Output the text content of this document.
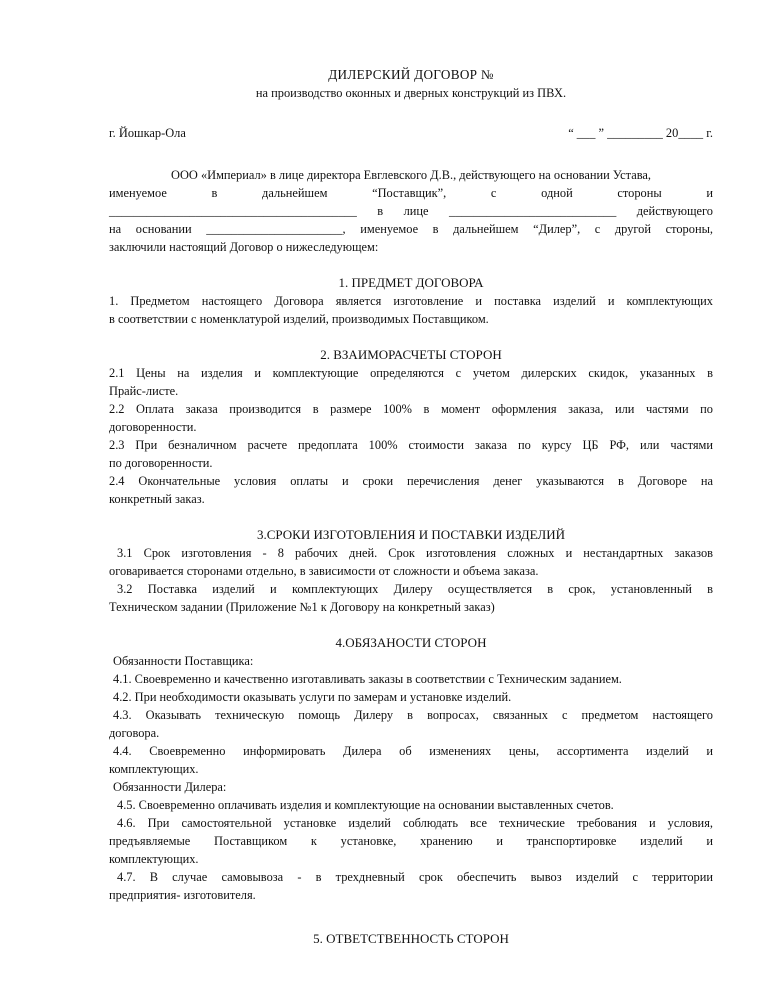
ДИЛЕРСКИЙ ДОГОВОР №

на производство оконных и дверных конструкций из ПВХ.

г. Йошкар-Ола	“ ___ ” _________ 20____ г.

ООО «Империал» в лице директора Евглевского Д.В., действующего на основании Устава,

именуемое в дальнейшем “Поставщик”, с одной стороны и

________________________________________ в лице ___________________________ действующего

на основании ______________________, именуемое в дальнейшем “Дилер”, с другой стороны,

заключили настоящий Договор о нижеследующем:

1. ПРЕДМЕТ ДОГОВОРА

1. Предметом настоящего Договора является изготовление и поставка изделий и комплектующих

в соответствии с номенклатурой изделий, производимых Поставщиком.

2. ВЗАИМОРАСЧЕТЫ СТОРОН

2.1 Цены на изделия и комплектующие определяются с учетом дилерских скидок, указанных в

Прайс-листе.

2.2 Оплата заказа производится в размере 100% в момент оформления заказа, или частями по

договоренности.

2.3 При безналичном расчете предоплата 100% стоимости заказа по курсу ЦБ РФ, или частями

по договоренности.

2.4 Окончательные условия оплаты и сроки перечисления денег указываются в Договоре на

конкретный заказ.

3.СРОКИ ИЗГОТОВЛЕНИЯ И ПОСТАВКИ ИЗДЕЛИЙ

3.1 Срок изготовления - 8 рабочих дней. Срок изготовления сложных и нестандартных заказов

оговаривается сторонами отдельно, в зависимости от сложности и объема заказа.

3.2 Поставка изделий и комплектующих Дилеру осуществляется в срок, установленный в

Техническом задании (Приложение №1 к Договору на конкретный заказ)

4.ОБЯЗАНОСТИ СТОРОН

Обязанности Поставщика:

4.1. Своевременно и качественно изготавливать заказы в соответствии с Техническим заданием.

4.2. При необходимости оказывать услуги по замерам и установке изделий.

4.3. Оказывать техническую помощь Дилеру в вопросах, связанных с предметом настоящего

договора.

4.4. Своевременно информировать Дилера об изменениях цены, ассортимента изделий и

комплектующих.

Обязанности Дилера:

4.5. Своевременно оплачивать изделия и комплектующие на основании выставленных счетов.

4.6. При самостоятельной установке изделий соблюдать все технические требования и условия,

предъявляемые Поставщиком к установке, хранению и транспортировке изделий и

комплектующих.

4.7. В случае самовывоза - в трехдневный срок обеспечить вывоз изделий с территории

предприятия- изготовителя.

5. ОТВЕТСТВЕННОСТЬ СТОРОН
